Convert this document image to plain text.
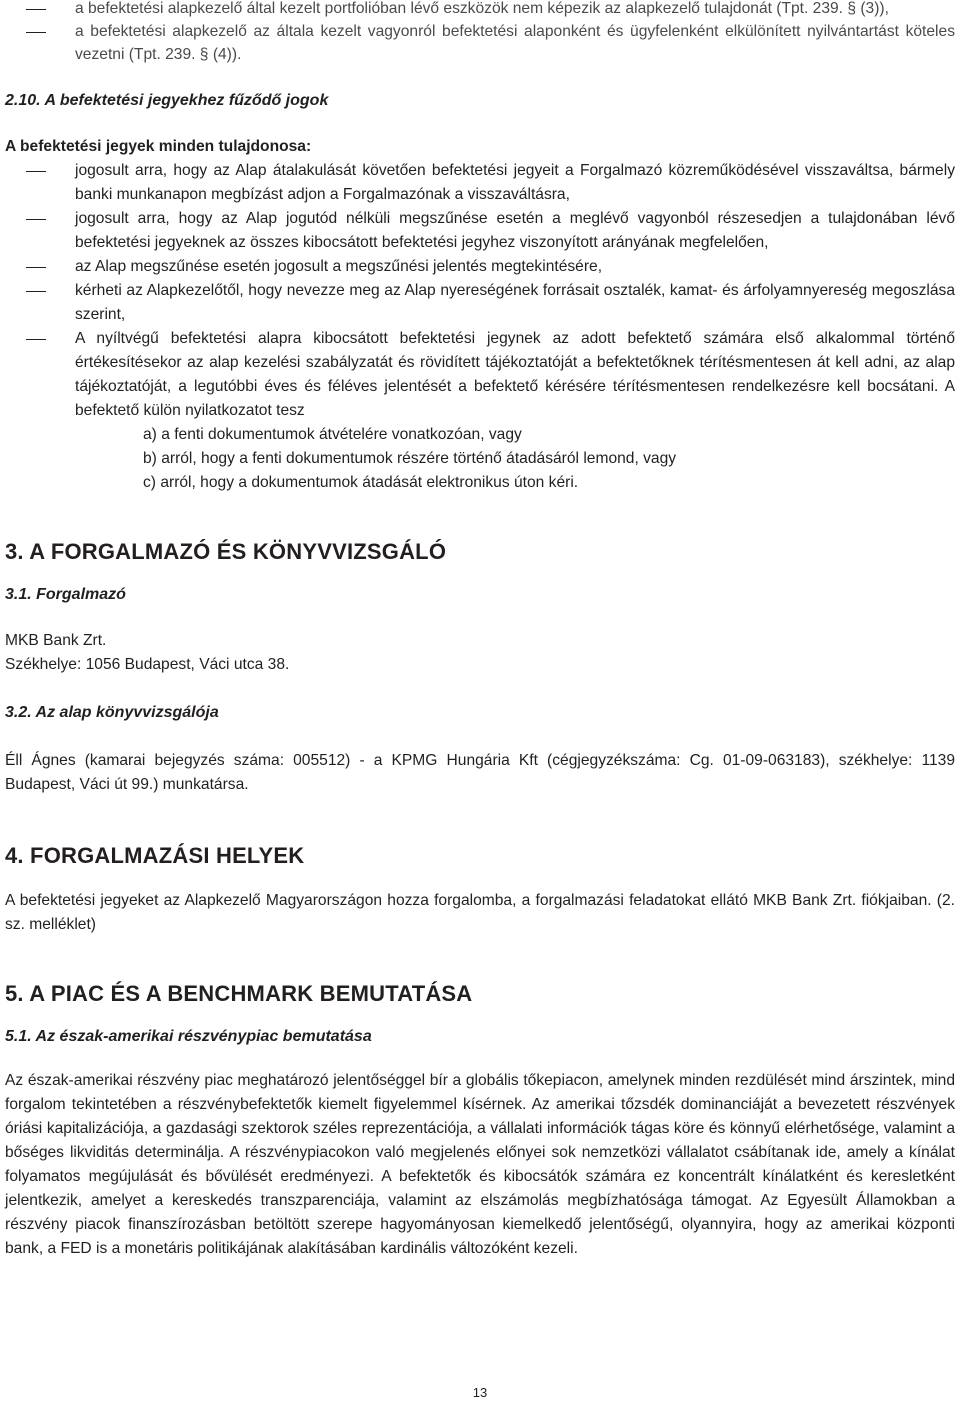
a befektetési alapkezelő által kezelt portfolióban lévő eszközök nem képezik az alapkezelő tulajdonát (Tpt. 239. § (3)),
a befektetési alapkezelő az általa kezelt vagyonról befektetési alaponként és ügyfelenként elkülönített nyilvántartást köteles vezetni (Tpt. 239. § (4)).
2.10. A befektetési jegyekhez fűződő jogok

A befektetési jegyek minden tulajdonosa:

jogosult arra, hogy az Alap átalakulását követően befektetési jegyeit a Forgalmazó közreműködésével visszaváltsa, bármely banki munkanapon megbízást adjon a Forgalmazónak a visszaváltásra,
jogosult arra, hogy az Alap jogutód nélküli megszűnése esetén a meglévő vagyonból részesedjen a tulajdonában lévő befektetési jegyeknek az összes kibocsátott befektetési jegyhez viszonyított arányának megfelelően,
az Alap megszűnése esetén jogosult a megszűnési jelentés megtekintésére,
kérheti az Alapkezelőtől, hogy nevezze meg az Alap nyereségének forrásait osztalék, kamat- és árfolyamnyereség megoszlása szerint,
A nyíltvégű befektetési alapra kibocsátott befektetési jegynek az adott befektető számára első alkalommal történő értékesítésekor az alap kezelési szabályzatát és rövidített tájékoztatóját a befektetőknek térítésmentesen át kell adni, az alap tájékoztatóját, a legutóbbi éves és féléves jelentését a befektető kérésére térítésmentesen rendelkezésre kell bocsátani. A befektető külön nyilatkozatot tesz
a) a fenti dokumentumok átvételére vonatkozóan, vagy
b) arról, hogy a fenti dokumentumok részére történő átadásáról lemond, vagy
c) arról, hogy a dokumentumok átadását elektronikus úton kéri.
3. A FORGALMAZÓ ÉS KÖNYVVIZSGÁLÓ
3.1. Forgalmazó

MKB Bank Zrt.

Székhelye: 1056 Budapest, Váci utca 38.

3.2. Az alap könyvvizsgálója

Éll Ágnes (kamarai bejegyzés száma: 005512) - a KPMG Hungária Kft (cégjegyzékszáma: Cg. 01-09-063183), székhelye: 1139 Budapest, Váci út 99.) munkatársa.

4. FORGALMAZÁSI HELYEK

A befektetési jegyeket az Alapkezelő Magyarországon hozza forgalomba, a forgalmazási feladatokat ellátó MKB Bank Zrt. fiókjaiban. (2. sz. melléklet)

5. A PIAC ÉS A BENCHMARK BEMUTATÁSA
5.1. Az észak-amerikai részvénypiac bemutatása

Az észak-amerikai részvény piac meghatározó jelentőséggel bír a globális tőkepiacon, amelynek minden rezdülését mind árszintek, mind forgalom tekintetében a részvénybefektetők kiemelt figyelemmel kísérnek. Az amerikai tőzsdék dominanciáját a bevezetett részvények óriási kapitalizációja, a gazdasági szektorok széles reprezentációja, a vállalati információk tágas köre és könnyű elérhetősége, valamint a bőséges likviditás determinálja. A részvénypiacokon való megjelenés előnyei sok nemzetközi vállalatot csábítanak ide, amely a kínálat folyamatos megújulását és bővülését eredményezi. A befektetők és kibocsátók számára ez koncentrált kínálatként és keresletként jelentkezik, amelyet a kereskedés transzparenciája, valamint az elszámolás megbízhatósága támogat. Az Egyesült Államokban a részvény piacok finanszírozásban betöltött szerepe hagyományosan kiemelkedő jelentőségű, olyannyira, hogy az amerikai központi bank, a FED is a monetáris politikájának alakításában kardinális változóként kezeli.

13
